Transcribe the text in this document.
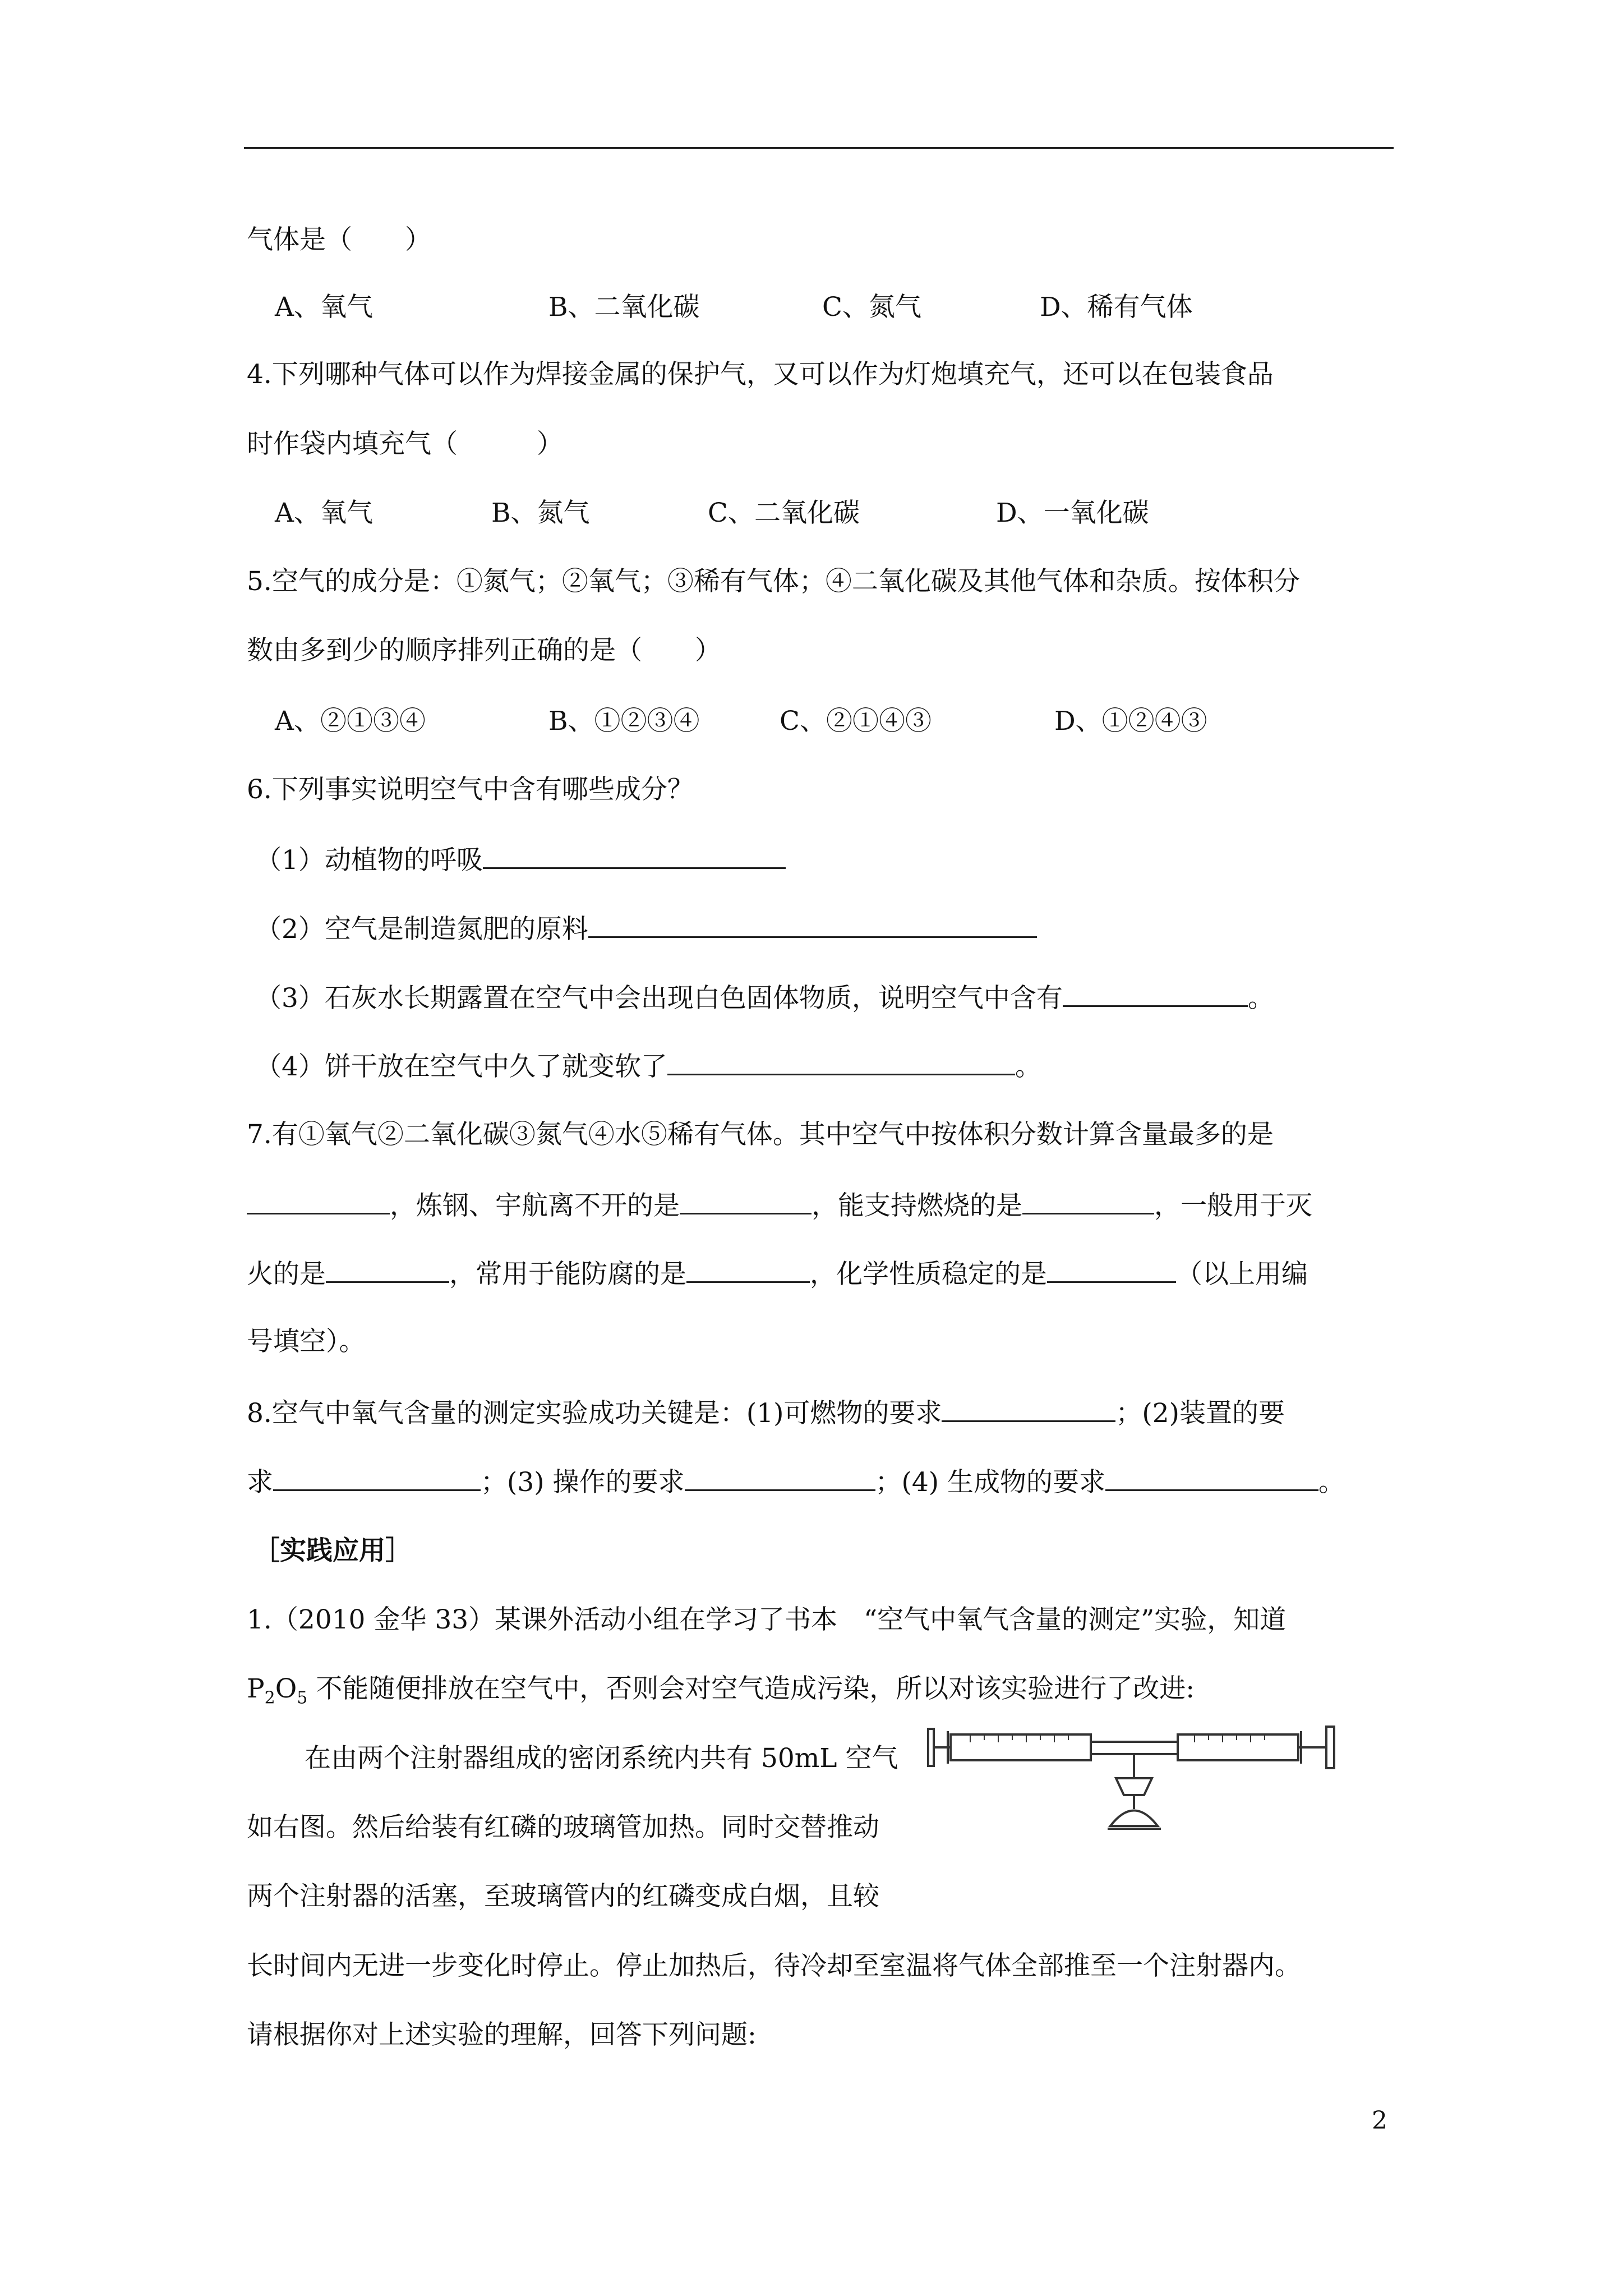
气体是（　　）
A、氧气	B、二氧化碳	C、氮气	D、稀有气体
4.下列哪种气体可以作为焊接金属的保护气，又可以作为灯炮填充气，还可以在包装食品
时作袋内填充气（　　　）
A、氧气	B、氮气	C、二氧化碳	D、一氧化碳
5.空气的成分是：①氮气；②氧气；③稀有气体；④二氧化碳及其他气体和杂质。按体积分
数由多到少的顺序排列正确的是（　　）
A、②①③④	B、①②③④	C、②①④③	D、①②④③
6.下列事实说明空气中含有哪些成分？
（1）动植物的呼吸
（2）空气是制造氮肥的原料
（3）石灰水长期露置在空气中会出现白色固体物质，说明空气中含有	。
（4）饼干放在空气中久了就变软了	。
7.有①氧气②二氧化碳③氮气④水⑤稀有气体。其中空气中按体积分数计算含量最多的是
，炼钢、宇航离不开的是	，能支持燃烧的是	，一般用于灭
火的是	，常用于能防腐的是	，化学性质稳定的是	（以上用编
号填空）。
8.空气中氧气含量的测定实验成功关键是：(1)可燃物的要求	；(2)装置的要
求	；(3) 操作的要求	；(4) 生成物的要求	。
［实践应用］
1.（2010 金华 33）某课外活动小组在学习了书本　“空气中氧气含量的测定”实验，知道
$P_2O_5$ 不能随便排放在空气中，否则会对空气造成污染，所以对该实验进行了改进:
在由两个注射器组成的密闭系统内共有 50mL 空气
如右图。然后给装有红磷的玻璃管加热。同时交替推动
两个注射器的活塞，至玻璃管内的红磷变成白烟，且较
长时间内无进一步变化时停止。停止加热后，待冷却至室温将气体全部推至一个注射器内。
请根据你对上述实验的理解，回答下列问题:
2
